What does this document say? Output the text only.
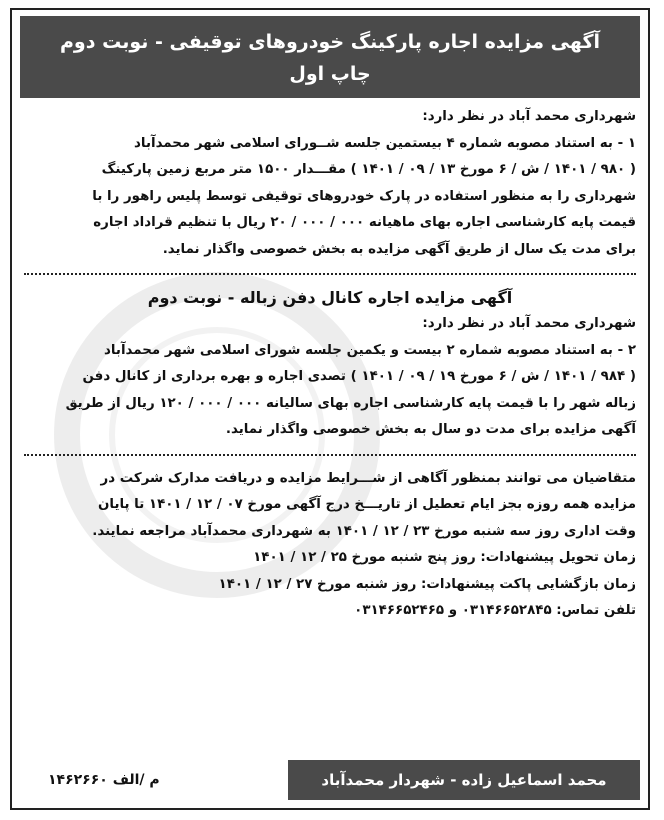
آگهی مزایده اجاره پارکینگ خودروهای توقیفی - نوبت دوم
چاپ اول
شهرداری محمد آباد در نظر دارد:
۱ - به استناد مصوبه شماره ۴ بیستمین جلسه شــورای اسلامی شهر محمدآباد
( ۹۸۰ / ۱۴۰۱ / ش / ۶ مورخ ۱۳ / ۰۹ / ۱۴۰۱ ) مقـــدار ۱۵۰۰ متر مربع زمین پارکینگ
شهرداری را به منظور استفاده در پارک خودروهای توقیفی توسط پلیس راهور را با
قیمت پایه کارشناسی اجاره بهای ماهیانه ۰۰۰ / ۰۰۰ / ۲۰ ریال با تنظیم قراداد اجاره
برای مدت یک سال از طریق آگهی مزایده به بخش خصوصی واگذار نماید.
آگهی مزایده اجاره کانال دفن زباله - نوبت دوم
شهرداری محمد آباد در نظر دارد:
۲ - به استناد مصوبه شماره ۲ بیست و یکمین جلسه شورای اسلامی شهر محمدآباد
( ۹۸۴ / ۱۴۰۱ / ش / ۶ مورخ ۱۹ / ۰۹ / ۱۴۰۱ ) تصدی اجاره و بهره برداری از کانال دفن
زباله شهر را با قیمت پایه کارشناسی اجاره بهای سالیانه ۰۰۰ / ۰۰۰ / ۱۲۰ ریال از طریق
آگهی مزایده برای مدت دو سال به بخش خصوصی واگذار نماید.
متقاضیان می توانند بمنظور آگاهی از شـــرایط مزایده و دریافت مدارک شرکت در
مزایده همه روزه بجز ایام تعطیل از تاریـــخ درج آگهی مورخ ۰۷ / ۱۲ / ۱۴۰۱ تا پایان
وقت اداری روز سه شنبه مورخ ۲۳ / ۱۲ / ۱۴۰۱ به شهرداری محمدآباد مراجعه نمایند.
زمان تحویل پیشنهادات: روز پنج شنبه مورخ ۲۵ / ۱۲ / ۱۴۰۱
زمان بازگشایی پاکت پیشنهادات: روز شنبه مورخ ۲۷ / ۱۲ / ۱۴۰۱
تلفن تماس: ۰۳۱۴۶۶۵۲۸۴۵ و ۰۳۱۴۶۶۵۲۴۶۵
محمد اسماعیل زاده - شهردار محمدآباد
م /الف ۱۴۶۲۶۶۰
